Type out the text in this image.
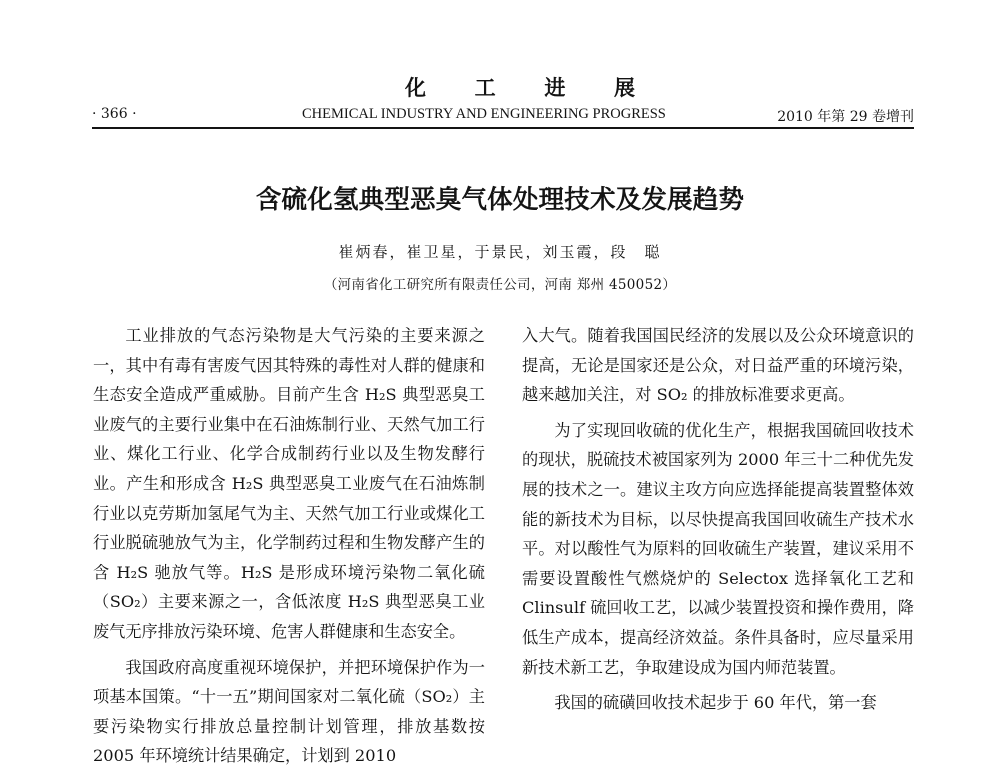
化 工 进 展
· 366 ·	CHEMICAL INDUSTRY AND ENGINEERING PROGRESS	2010 年第 29 卷增刊
含硫化氢典型恶臭气体处理技术及发展趋势
崔炳春，崔卫星，于景民，刘玉霞，段　聪
（河南省化工研究所有限责任公司，河南 郑州 450052）

工业排放的气态污染物是大气污染的主要来源之一，其中有毒有害废气因其特殊的毒性对人群的健康和生态安全造成严重威胁。目前产生含 H₂S 典型恶臭工业废气的主要行业集中在石油炼制行业、天然气加工行业、煤化工行业、化学合成制药行业以及生物发酵行业。产生和形成含 H₂S 典型恶臭工业废气在石油炼制行业以克劳斯加氢尾气为主、天然气加工行业或煤化工行业脱硫驰放气为主，化学制药过程和生物发酵产生的含 H₂S 驰放气等。H₂S 是形成环境污染物二氧化硫（SO₂）主要来源之一，含低浓度 H₂S 典型恶臭工业废气无序排放污染环境、危害人群健康和生态安全。

我国政府高度重视环境保护，并把环境保护作为一项基本国策。“十一五”期间国家对二氧化硫（SO₂）主要污染物实行排放总量控制计划管理，排放基数按 2005 年环境统计结果确定，计划到 2010

入大气。随着我国国民经济的发展以及公众环境意识的提高，无论是国家还是公众，对日益严重的环境污染，越来越加关注，对 SO₂ 的排放标准要求更高。

为了实现回收硫的优化生产，根据我国硫回收技术的现状，脱硫技术被国家列为 2000 年三十二种优先发展的技术之一。建议主攻方向应选择能提高装置整体效能的新技术为目标，以尽快提高我国回收硫生产技术水平。对以酸性气为原料的回收硫生产装置，建议采用不需要设置酸性气燃烧炉的 Selectox 选择氧化工艺和 Clinsulf 硫回收工艺，以减少装置投资和操作费用，降低生产成本，提高经济效益。条件具备时，应尽量采用新技术新工艺，争取建设成为国内师范装置。

我国的硫磺回收技术起步于 60 年代，第一套
